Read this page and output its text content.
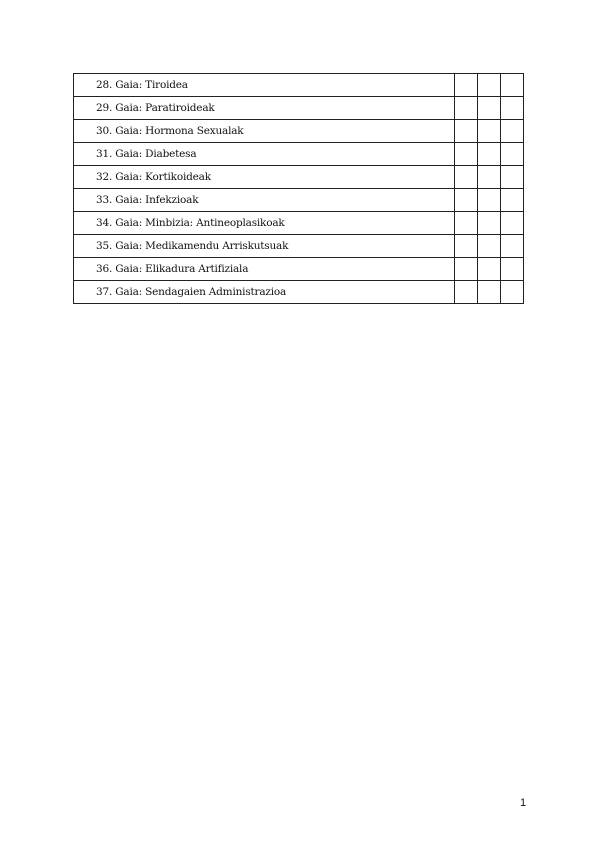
28. Gaia: Tiroidea			
29. Gaia: Paratiroideak			
30. Gaia: Hormona Sexualak			
31. Gaia: Diabetesa			
32. Gaia: Kortikoideak			
33. Gaia: Infekzioak			
34. Gaia: Minbizia: Antineoplasikoak			
35. Gaia: Medikamendu Arriskutsuak			
36. Gaia: Elikadura Artifiziala			
37. Gaia: Sendagaien Administrazioa			
1
